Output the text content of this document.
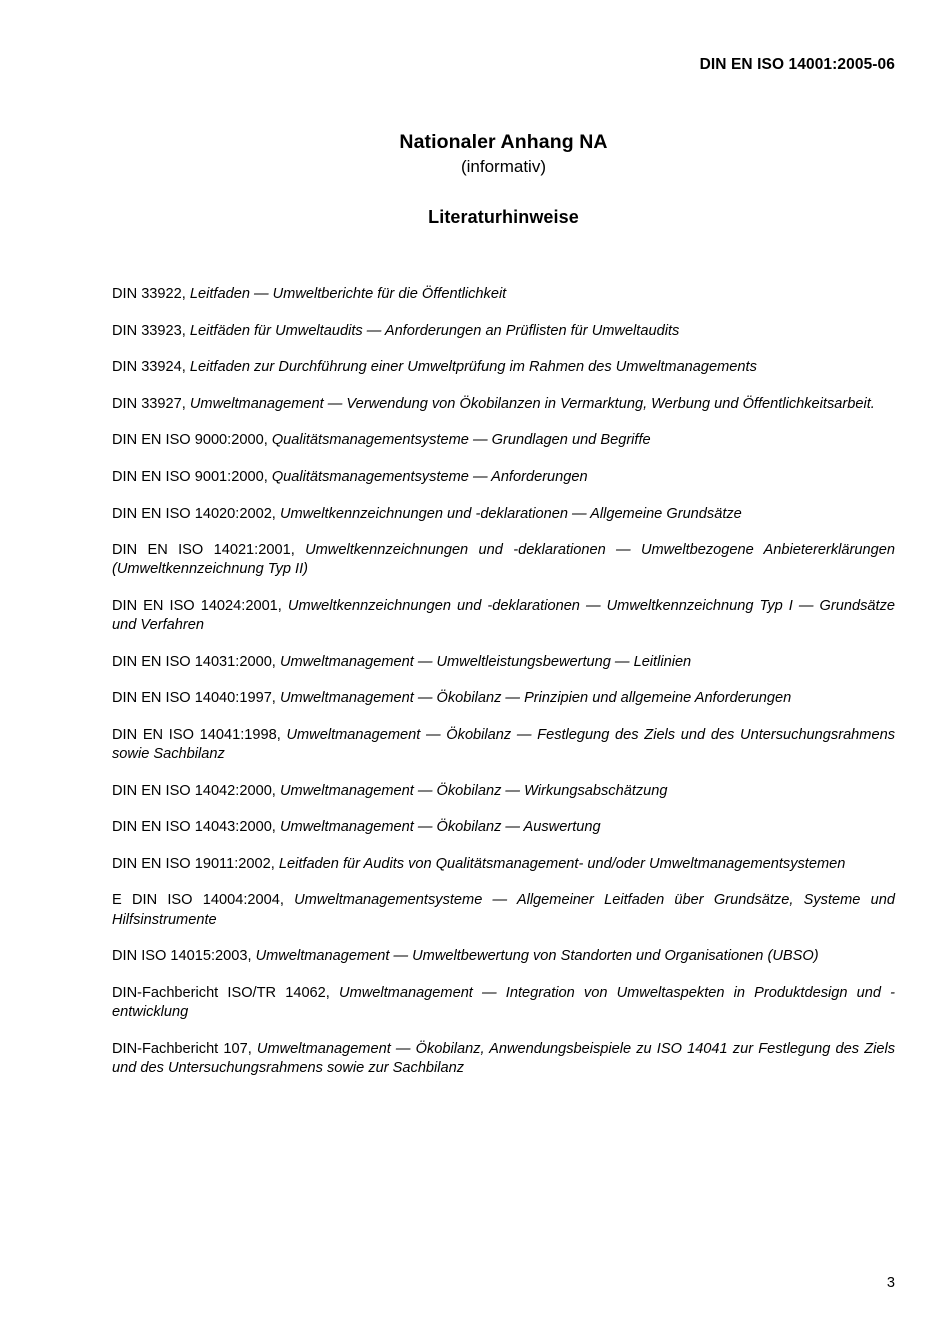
DIN EN ISO 14001:2005-06
Nationaler Anhang NA
(informativ)
Literaturhinweise

DIN 33922, Leitfaden — Umweltberichte für die Öffentlichkeit

DIN 33923, Leitfäden für Umweltaudits — Anforderungen an Prüflisten für Umweltaudits

DIN 33924, Leitfaden zur Durchführung einer Umweltprüfung im Rahmen des Umweltmanagements

DIN 33927, Umweltmanagement — Verwendung von Ökobilanzen in Vermarktung, Werbung und Öffentlichkeitsarbeit.

DIN EN ISO 9000:2000, Qualitätsmanagementsysteme — Grundlagen und Begriffe

DIN EN ISO 9001:2000, Qualitätsmanagementsysteme — Anforderungen

DIN EN ISO 14020:2002, Umweltkennzeichnungen und -deklarationen — Allgemeine Grundsätze

DIN EN ISO 14021:2001, Umweltkennzeichnungen und -deklarationen — Umweltbezogene Anbietererklärungen (Umweltkennzeichnung Typ II)

DIN EN ISO 14024:2001, Umweltkennzeichnungen und -deklarationen — Umweltkennzeichnung Typ I — Grundsätze und Verfahren

DIN EN ISO 14031:2000, Umweltmanagement — Umweltleistungsbewertung — Leitlinien

DIN EN ISO 14040:1997, Umweltmanagement — Ökobilanz — Prinzipien und allgemeine Anforderungen

DIN EN ISO 14041:1998, Umweltmanagement — Ökobilanz — Festlegung des Ziels und des Untersuchungsrahmens sowie Sachbilanz

DIN EN ISO 14042:2000, Umweltmanagement — Ökobilanz — Wirkungsabschätzung

DIN EN ISO 14043:2000, Umweltmanagement — Ökobilanz — Auswertung

DIN EN ISO 19011:2002, Leitfaden für Audits von Qualitätsmanagement- und/oder Umweltmanagementsystemen

E DIN ISO 14004:2004, Umweltmanagementsysteme — Allgemeiner Leitfaden über Grundsätze, Systeme und Hilfsinstrumente

DIN ISO 14015:2003, Umweltmanagement — Umweltbewertung von Standorten und Organisationen (UBSO)

DIN-Fachbericht ISO/TR 14062, Umweltmanagement — Integration von Umweltaspekten in Produktdesign und -entwicklung

DIN-Fachbericht 107, Umweltmanagement — Ökobilanz, Anwendungsbeispiele zu ISO 14041 zur Festlegung des Ziels und des Untersuchungsrahmens sowie zur Sachbilanz

3
